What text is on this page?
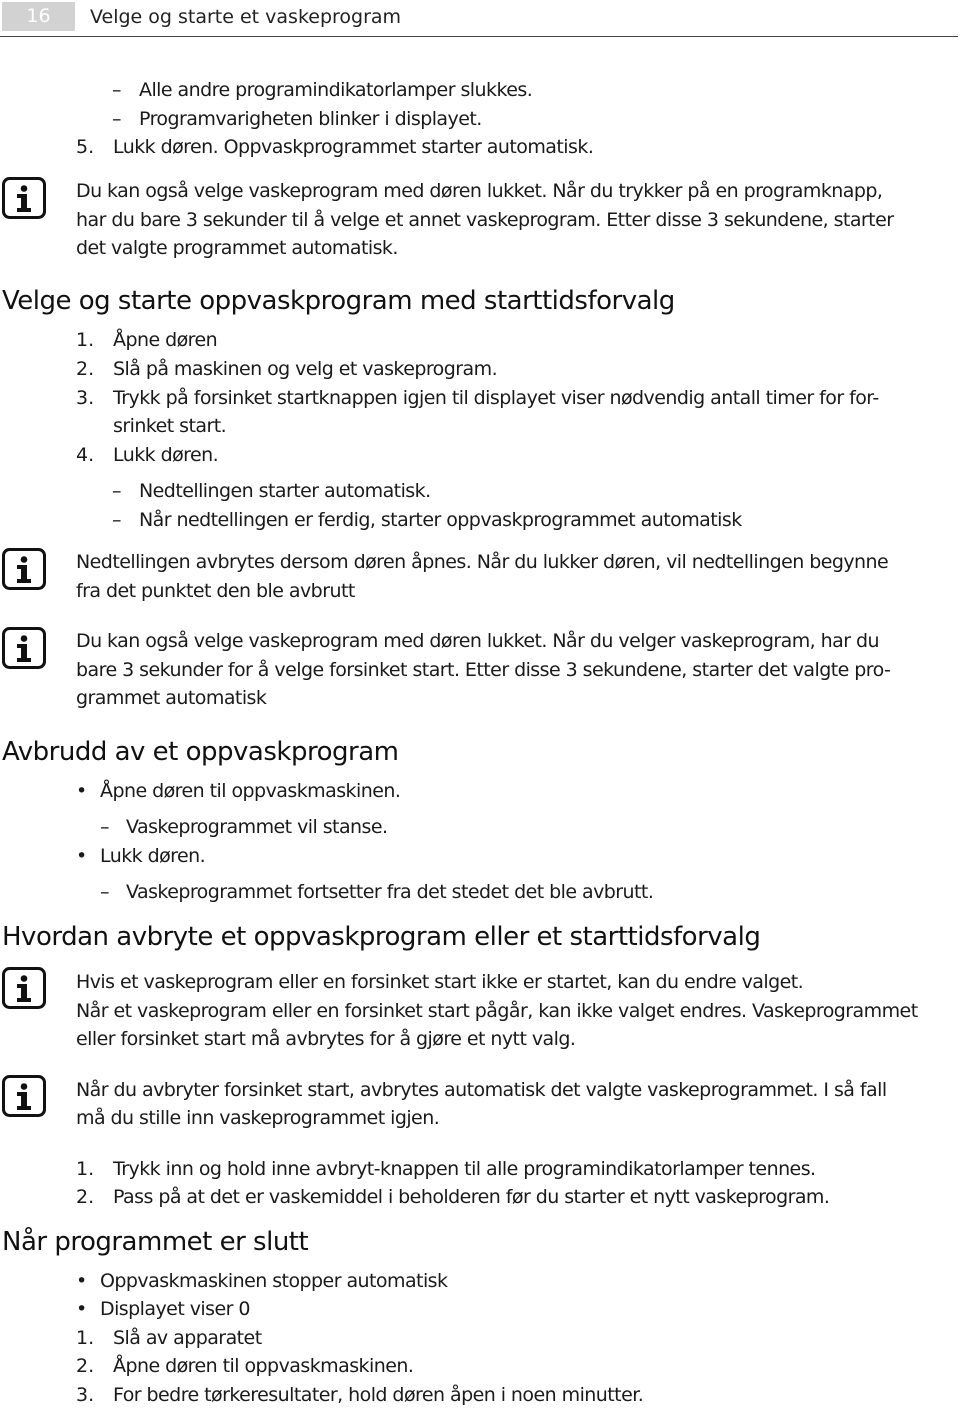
16	Velge og starte et vaskeprogram
– Alle andre programindikatorlamper slukkes.
– Programvarigheten blinker i displayet.
5. Lukk døren. Oppvaskprogrammet starter automatisk.
Du kan også velge vaskeprogram med døren lukket. Når du trykker på en programknapp,
har du bare 3 sekunder til å velge et annet vaskeprogram. Etter disse 3 sekundene, starter
det valgte programmet automatisk.
Velge og starte oppvaskprogram med starttidsforvalg
1. Åpne døren
2. Slå på maskinen og velg et vaskeprogram.
3. Trykk på forsinket startknappen igjen til displayet viser nødvendig antall timer for for-
srinket start.
4. Lukk døren.
– Nedtellingen starter automatisk.
– Når nedtellingen er ferdig, starter oppvaskprogrammet automatisk
Nedtellingen avbrytes dersom døren åpnes. Når du lukker døren, vil nedtellingen begynne
fra det punktet den ble avbrutt
Du kan også velge vaskeprogram med døren lukket. Når du velger vaskeprogram, har du
bare 3 sekunder for å velge forsinket start. Etter disse 3 sekundene, starter det valgte pro-
grammet automatisk
Avbrudd av et oppvaskprogram
• Åpne døren til oppvaskmaskinen.
– Vaskeprogrammet vil stanse.
• Lukk døren.
– Vaskeprogrammet fortsetter fra det stedet det ble avbrutt.
Hvordan avbryte et oppvaskprogram eller et starttidsforvalg
Hvis et vaskeprogram eller en forsinket start ikke er startet, kan du endre valget.
Når et vaskeprogram eller en forsinket start pågår, kan ikke valget endres. Vaskeprogrammet
eller forsinket start må avbrytes for å gjøre et nytt valg.
Når du avbryter forsinket start, avbrytes automatisk det valgte vaskeprogrammet. I så fall
må du stille inn vaskeprogrammet igjen.
1. Trykk inn og hold inne avbryt-knappen til alle programindikatorlamper tennes.
2. Pass på at det er vaskemiddel i beholderen før du starter et nytt vaskeprogram.
Når programmet er slutt
• Oppvaskmaskinen stopper automatisk
• Displayet viser 0
1. Slå av apparatet
2. Åpne døren til oppvaskmaskinen.
3. For bedre tørkeresultater, hold døren åpen i noen minutter.
